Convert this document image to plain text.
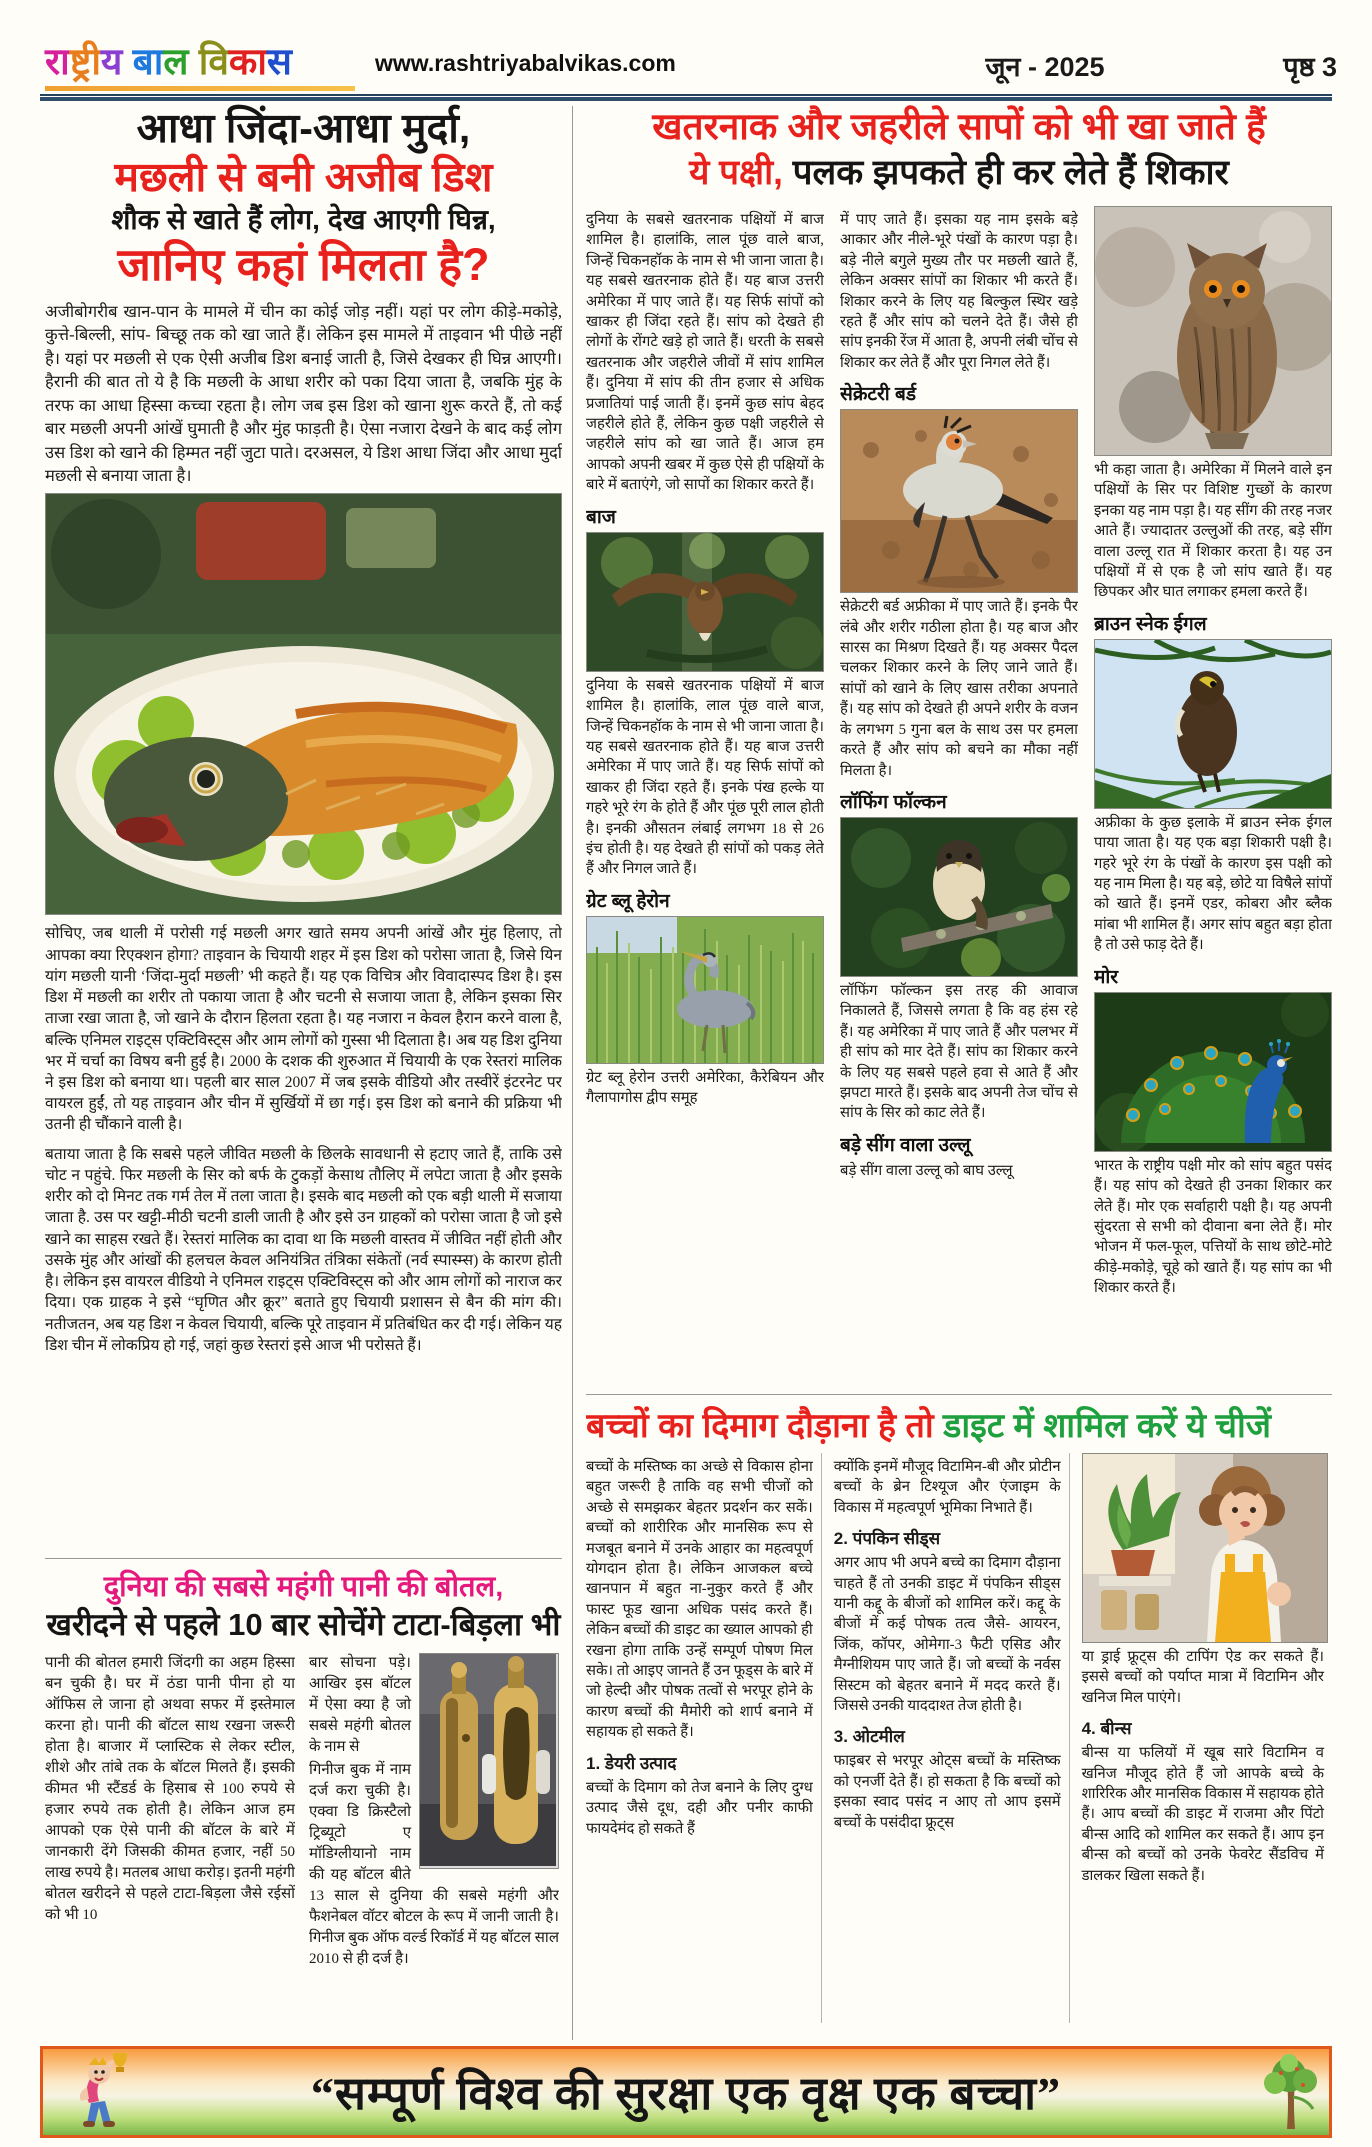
राष्ट्रीय बाल विकास	www.rashtriyabalvikas.com	जून - 2025	पृष्ठ 3
आधा जिंदा-आधा मुर्दा,
मछली से बनी अजीब डिश
शौक से खाते हैं लोग, देख आएगी घिन्न,
जानिए कहां मिलता है?

अजीबोगरीब खान-पान के मामले में चीन का कोई जोड़ नहीं। यहां पर लोग कीड़े-मकोड़े, कुत्ते-बिल्ली, सांप- बिच्छू तक को खा जाते हैं। लेकिन इस मामले में ताइवान भी पीछे नहीं है। यहां पर मछली से एक ऐसी अजीब डिश बनाई जाती है, जिसे देखकर ही घिन्न आएगी। हैरानी की बात तो ये है कि मछली के आधा शरीर को पका दिया जाता है, जबकि मुंह के तरफ का आधा हिस्सा कच्चा रहता है। लोग जब इस डिश को खाना शुरू करते हैं, तो कई बार मछली अपनी आंखें घुमाती है और मुंह फाड़ती है। ऐसा नजारा देखने के बाद कई लोग उस डिश को खाने की हिम्मत नहीं जुटा पाते। दरअसल, ये डिश आधा जिंदा और आधा मुर्दा मछली से बनाया जाता है।

सोचिए, जब थाली में परोसी गई मछली अगर खाते समय अपनी आंखें और मुंह हिलाए, तो आपका क्या रिएक्शन होगा? ताइवान के चियायी शहर में इस डिश को परोसा जाता है, जिसे यिन यांग मछली यानी ‘जिंदा-मुर्दा मछली’ भी कहते हैं। यह एक विचित्र और विवादास्पद डिश है। इस डिश में मछली का शरीर तो पकाया जाता है और चटनी से सजाया जाता है, लेकिन इसका सिर ताजा रखा जाता है, जो खाने के दौरान हिलता रहता है। यह नजारा न केवल हैरान करने वाला है, बल्कि एनिमल राइट्स एक्टिविस्ट्स और आम लोगों को गुस्सा भी दिलाता है। अब यह डिश दुनिया भर में चर्चा का विषय बनी हुई है। 2000 के दशक की शुरुआत में चियायी के एक रेस्तरां मालिक ने इस डिश को बनाया था। पहली बार साल 2007 में जब इसके वीडियो और तस्वीरें इंटरनेट पर वायरल हुईं, तो यह ताइवान और चीन में सुर्खियों में छा गई। इस डिश को बनाने की प्रक्रिया भी उतनी ही चौंकाने वाली है।

बताया जाता है कि सबसे पहले जीवित मछली के छिलके सावधानी से हटाए जाते हैं, ताकि उसे चोट न पहुंचे. फिर मछली के सिर को बर्फ के टुकड़ों केसाथ तौलिए में लपेटा जाता है और इसके शरीर को दो मिनट तक गर्म तेल में तला जाता है। इसके बाद मछली को एक बड़ी थाली में सजाया जाता है. उस पर खट्टी-मीठी चटनी डाली जाती है और इसे उन ग्राहकों को परोसा जाता है जो इसे खाने का साहस रखते हैं। रेस्तरां मालिक का दावा था कि मछली वास्तव में जीवित नहीं होती और उसके मुंह और आंखों की हलचल केवल अनियंत्रित तंत्रिका संकेतों (नर्व स्पास्म्स) के कारण होती है। लेकिन इस वायरल वीडियो ने एनिमल राइट्स एक्टिविस्ट्स को और आम लोगों को नाराज कर दिया। एक ग्राहक ने इसे “घृणित और क्रूर” बताते हुए चियायी प्रशासन से बैन की मांग की। नतीजतन, अब यह डिश न केवल चियायी, बल्कि पूरे ताइवान में प्रतिबंधित कर दी गई। लेकिन यह डिश चीन में लोकप्रिय हो गई, जहां कुछ रेस्तरां इसे आज भी परोसते हैं।

खतरनाक और जहरीले सापों को भी खा जाते हैं
ये पक्षी, पलक झपकते ही कर लेते हैं शिकार

दुनिया के सबसे खतरनाक पक्षियों में बाज शामिल है। हालांकि, लाल पूंछ वाले बाज, जिन्हें चिकनहॉक के नाम से भी जाना जाता है। यह सबसे खतरनाक होते हैं। यह बाज उत्तरी अमेरिका में पाए जाते हैं। यह सिर्फ सांपों को खाकर ही जिंदा रहते हैं। सांप को देखते ही लोगों के रोंगटे खड़े हो जाते हैं। धरती के सबसे खतरनाक और जहरीले जीवों में सांप शामिल हैं। दुनिया में सांप की तीन हजार से अधिक प्रजातियां पाई जाती हैं। इनमें कुछ सांप बेहद जहरीले होते हैं, लेकिन कुछ पक्षी जहरीले से जहरीले सांप को खा जाते हैं। आज हम आपको अपनी खबर में कुछ ऐसे ही पक्षियों के बारे में बताएंगे, जो सापों का शिकार करते हैं।

बाज

दुनिया के सबसे खतरनाक पक्षियों में बाज शामिल है। हालांकि, लाल पूंछ वाले बाज, जिन्हें चिकनहॉक के नाम से भी जाना जाता है। यह सबसे खतरनाक होते हैं। यह बाज उत्तरी अमेरिका में पाए जाते हैं। यह सिर्फ सांपों को खाकर ही जिंदा रहते हैं। इनके पंख हल्के या गहरे भूरे रंग के होते हैं और पूंछ पूरी लाल होती है। इनकी औसतन लंबाई लगभग 18 से 26 इंच होती है। यह देखते ही सांपों को पकड़ लेते हैं और निगल जाते हैं।

ग्रेट ब्लू हेरोन

ग्रेट ब्लू हेरोन उत्तरी अमेरिका, कैरेबियन और गैलापागोस द्वीप समूह

में पाए जाते हैं। इसका यह नाम इसके बड़े आकार और नीले-भूरे पंखों के कारण पड़ा है। बड़े नीले बगुले मुख्य तौर पर मछली खाते हैं, लेकिन अक्सर सांपों का शिकार भी करते हैं। शिकार करने के लिए यह बिल्कुल स्थिर खड़े रहते हैं और सांप को चलने देते हैं। जैसे ही सांप इनकी रेंज में आता है, अपनी लंबी चोंच से शिकार कर लेते हैं और पूरा निगल लेते हैं।

सेक्रेटरी बर्ड

सेक्रेटरी बर्ड अफ्रीका में पाए जाते हैं। इनके पैर लंबे और शरीर गठीला होता है। यह बाज और सारस का मिश्रण दिखते हैं। यह अक्सर पैदल चलकर शिकार करने के लिए जाने जाते हैं। सांपों को खाने के लिए खास तरीका अपनाते हैं। यह सांप को देखते ही अपने शरीर के वजन के लगभग 5 गुना बल के साथ उस पर हमला करते हैं और सांप को बचने का मौका नहीं मिलता है।

लॉफिंग फॉल्कन

लॉफिंग फॉल्कन इस तरह की आवाज निकालते हैं, जिससे लगता है कि वह हंस रहे हैं। यह अमेरिका में पाए जाते हैं और पलभर में ही सांप को मार देते हैं। सांप का शिकार करने के लिए यह सबसे पहले हवा से आते हैं और झपटा मारते हैं। इसके बाद अपनी तेज चोंच से सांप के सिर को काट लेते हैं।

बड़े सींग वाला उल्लू

बड़े सींग वाला उल्लू को बाघ उल्लू

भी कहा जाता है। अमेरिका में मिलने वाले इन पक्षियों के सिर पर विशिष्ट गुच्छों के कारण इनका यह नाम पड़ा है। यह सींग की तरह नजर आते हैं। ज्यादातर उल्लुओं की तरह, बड़े सींग वाला उल्लू रात में शिकार करता है। यह उन पक्षियों में से एक है जो सांप खाते हैं। यह छिपकर और घात लगाकर हमला करते हैं।

ब्राउन स्नेक ईगल

अफ्रीका के कुछ इलाके में ब्राउन स्नेक ईगल पाया जाता है। यह एक बड़ा शिकारी पक्षी है। गहरे भूरे रंग के पंखों के कारण इस पक्षी को यह नाम मिला है। यह बड़े, छोटे या विषैले सांपों को खाते हैं। इनमें एडर, कोबरा और ब्लैक मांबा भी शामिल हैं। अगर सांप बहुत बड़ा होता है तो उसे फाड़ देते हैं।

मोर

भारत के राष्ट्रीय पक्षी मोर को सांप बहुत पसंद हैं। यह सांप को देखते ही उनका शिकार कर लेते हैं। मोर एक सर्वाहारी पक्षी है। यह अपनी सुंदरता से सभी को दीवाना बना लेते हैं। मोर भोजन में फल-फूल, पत्तियों के साथ छोटे-मोटे कीड़े-मकोड़े, चूहे को खाते हैं। यह सांप का भी शिकार करते हैं।

बच्चों का दिमाग दौड़ाना है तो डाइट में शामिल करें ये चीजें

बच्चों के मस्तिष्क का अच्छे से विकास होना बहुत जरूरी है ताकि वह सभी चीजों को अच्छे से समझकर बेहतर प्रदर्शन कर सकें। बच्चों को शारीरिक और मानसिक रूप से मजबूत बनाने में उनके आहार का महत्वपूर्ण योगदान होता है। लेकिन आजकल बच्चे खानपान में बहुत ना-नुकुर करते हैं और फास्ट फूड खाना अधिक पसंद करते हैं। लेकिन बच्चों की डाइट का ख्याल आपको ही रखना होगा ताकि उन्हें सम्पूर्ण पोषण मिल सके। तो आइए जानते हैं उन फूड्स के बारे में जो हेल्दी और पोषक तत्वों से भरपूर होने के कारण बच्चों की मैमोरी को शार्प बनाने में सहायक हो सकते हैं।

1. डेयरी उत्पाद

बच्चों के दिमाग को तेज बनाने के लिए दुग्ध उत्पाद जैसे दूध, दही और पनीर काफी फायदेमंद हो सकते हैं

क्योंकि इनमें मौजूद विटामिन-बी और प्रोटीन बच्चों के ब्रेन टिश्यूज और एंजाइम के विकास में महत्वपूर्ण भूमिका निभाते हैं।

2. पंपकिन सीड्स

अगर आप भी अपने बच्चे का दिमाग दौड़ाना चाहते हैं तो उनकी डाइट में पंपकिन सीड्स यानी कद्दू के बीजों को शामिल करें। कद्दू के बीजों में कई पोषक तत्व जैसे- आयरन, जिंक, कॉपर, ओमेगा-3 फैटी एसिड और मैग्नीशियम पाए जाते हैं। जो बच्चों के नर्वस सिस्टम को बेहतर बनाने में मदद करते हैं। जिससे उनकी याददाश्त तेज होती है।

3. ओटमील

फाइबर से भरपूर ओट्स बच्चों के मस्तिष्क को एनर्जी देते हैं। हो सकता है कि बच्चों को इसका स्वाद पसंद न आए तो आप इसमें बच्चों के पसंदीदा फ्रूट्स

या ड्राई फ्रूट्स की टापिंग ऐड कर सकते हैं। इससे बच्चों को पर्याप्त मात्रा में विटामिन और खनिज मिल पाएंगे।

4. बीन्स

बीन्स या फलियों में खूब सारे विटामिन व खनिज मौजूद होते हैं जो आपके बच्चे के शारिरिक और मानसिक विकास में सहायक होते हैं। आप बच्चों की डाइट में राजमा और पिंटो बीन्स आदि को शामिल कर सकते हैं। आप इन बीन्स को बच्चों को उनके फेवरेट सैंडविच में डालकर खिला सकते हैं।

दुनिया की सबसे महंगी पानी की बोतल,
खरीदने से पहले 10 बार सोचेंगे टाटा-बिड़ला भी

पानी की बोतल हमारी जिंदगी का अहम हिस्सा बन चुकी है। घर में ठंडा पानी पीना हो या ऑफिस ले जाना हो अथवा सफर में इस्तेमाल करना हो। पानी की बॉटल साथ रखना जरूरी होता है। बाजार में प्लास्टिक से लेकर स्टील, शीशे और तांबे तक के बॉटल मिलते हैं। इसकी कीमत भी स्टैंडर्ड के हिसाब से 100 रुपये से हजार रुपये तक होती है। लेकिन आज हम आपको एक ऐसे पानी की बॉटल के बारे में जानकारी देंगे जिसकी कीमत हजार, नहीं 50 लाख रुपये है। मतलब आधा करोड़। इतनी महंगी बोतल खरीदने से पहले टाटा-बिड़ला जैसे रईसों को भी 10

बार सोचना पड़े। आखिर इस बॉटल में ऐसा क्या है जो सबसे महंगी बोतल के नाम से

गिनीज बुक में नाम दर्ज करा चुकी है। एक्वा डि क्रिस्टैलो ट्रिब्यूटो ए मॉडिग्लीयानो नाम की यह बॉटल बीते 13 साल से दुनिया की सबसे महंगी और फैशनेबल वॉटर बोटल के रूप में जानी जाती है। गिनीज बुक ऑफ वर्ल्ड रिकॉर्ड में यह बॉटल साल 2010 से ही दर्ज है।

“सम्पूर्ण विश्व की सुरक्षा एक वृक्ष एक बच्चा”
